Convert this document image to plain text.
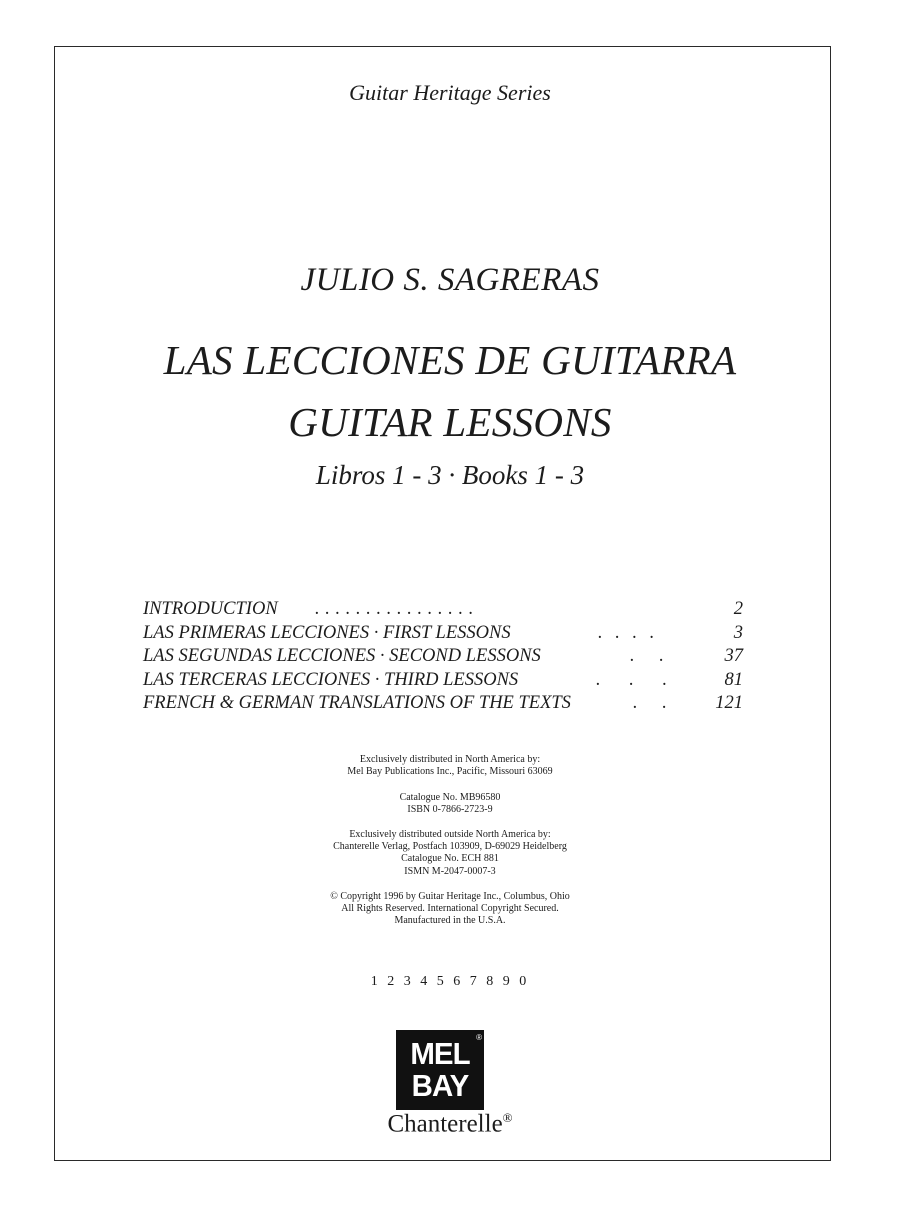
Guitar Heritage Series
JULIO S. SAGRERAS
LAS LECCIONES DE GUITARRA
GUITAR LESSONS
Libros 1 - 3 · Books 1 - 3
INTRODUCTION . . . . . . . . . . . . . . . .	2
LAS PRIMERAS LECCIONES · FIRST LESSONS	. . . .	3
LAS SEGUNDAS LECCIONES · SECOND LESSONS	. .	37
LAS TERCERAS LECCIONES · THIRD LESSONS	. . . 81
FRENCH & GERMAN TRANSLATIONS OF THE TEXTS	. . 121
Exclusively distributed in North America by:
Mel Bay Publications Inc., Pacific, Missouri 63069
Catalogue No. MB96580
ISBN 0-7866-2723-9
Exclusively distributed outside North America by:
Chanterelle Verlag, Postfach 103909, D-69029 Heidelberg
Catalogue No. ECH 881
ISMN M-2047-0007-3
© Copyright 1996 by Guitar Heritage Inc., Columbus, Ohio
All Rights Reserved. International Copyright Secured.
Manufactured in the U.S.A.
1 2 3 4 5 6 7 8 9 0
MEL
BAY
®
Chanterelle®
